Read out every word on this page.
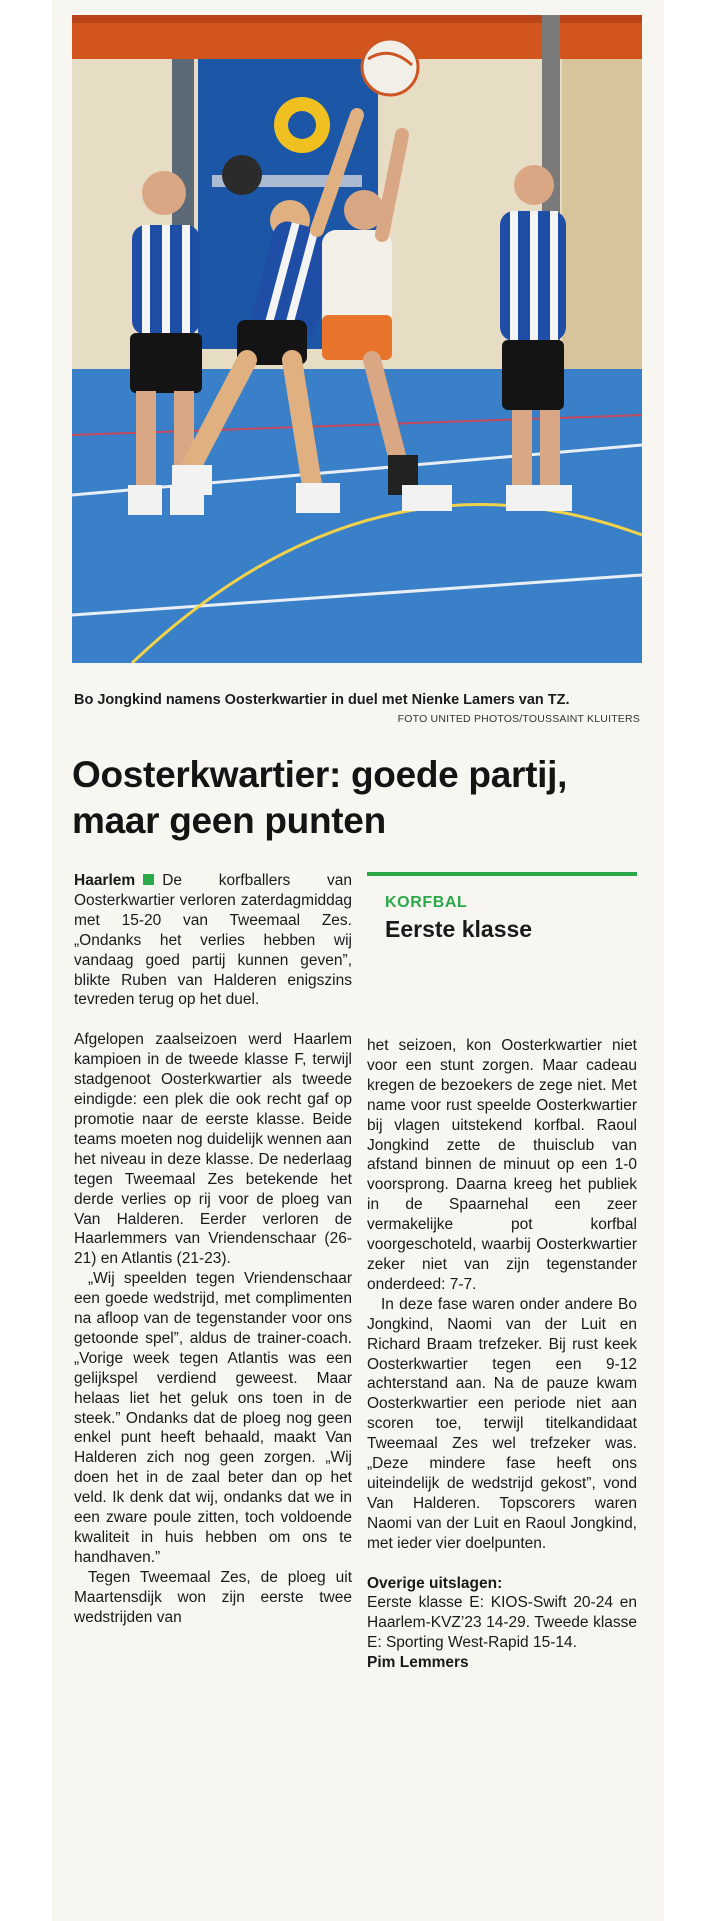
Bo Jongkind namens Oosterkwartier in duel met Nienke Lamers van TZ.
FOTO UNITED PHOTOS/TOUSSAINT KLUITERS
Oosterkwartier: goede partij, maar geen punten

Haarlem De korfballers van Oosterkwartier verloren zaterdagmiddag met 15-20 van Tweemaal Zes. „Ondanks het verlies hebben wij vandaag goed partij kunnen geven”, blikte Ruben van Halderen enigszins tevreden terug op het duel.

Afgelopen zaalseizoen werd Haarlem kampioen in de tweede klasse F, terwijl stadgenoot Oosterkwartier als tweede eindigde: een plek die ook recht gaf op promotie naar de eerste klasse. Beide teams moeten nog duidelijk wennen aan het niveau in deze klasse. De nederlaag tegen Tweemaal Zes betekende het derde verlies op rij voor de ploeg van Van Halderen. Eerder verloren de Haarlemmers van Vriendenschaar (26-21) en Atlantis (21-23).

„Wij speelden tegen Vriendenschaar een goede wedstrijd, met complimenten na afloop van de tegenstander voor ons getoonde spel”, aldus de trainer-coach. „Vorige week tegen Atlantis was een gelijkspel verdiend geweest. Maar helaas liet het geluk ons toen in de steek.” Ondanks dat de ploeg nog geen enkel punt heeft behaald, maakt Van Halderen zich nog geen zorgen. „Wij doen het in de zaal beter dan op het veld. Ik denk dat wij, ondanks dat we in een zware poule zitten, toch voldoende kwaliteit in huis hebben om ons te handhaven.”

Tegen Tweemaal Zes, de ploeg uit Maartensdijk won zijn eerste twee wedstrijden van

KORFBAL
Eerste klasse

het seizoen, kon Oosterkwartier niet voor een stunt zorgen. Maar cadeau kregen de bezoekers de zege niet. Met name voor rust speelde Oosterkwartier bij vlagen uitstekend korfbal. Raoul Jongkind zette de thuisclub van afstand binnen de minuut op een 1-0 voorsprong. Daarna kreeg het publiek in de Spaarnehal een zeer vermakelijke pot korfbal voorgeschoteld, waarbij Oosterkwartier zeker niet van zijn tegenstander onderdeed: 7-7.

In deze fase waren onder andere Bo Jongkind, Naomi van der Luit en Richard Braam trefzeker. Bij rust keek Oosterkwartier tegen een 9-12 achterstand aan. Na de pauze kwam Oosterkwartier een periode niet aan scoren toe, terwijl titelkandidaat Tweemaal Zes wel trefzeker was. „Deze mindere fase heeft ons uiteindelijk de wedstrijd gekost”, vond Van Halderen. Topscorers waren Naomi van der Luit en Raoul Jongkind, met ieder vier doelpunten.

Overige uitslagen:

Eerste klasse E: KIOS-Swift 20-24 en Haarlem-KVZ’23 14-29. Tweede klasse E: Sporting West-Rapid 15-14.

Pim Lemmers
